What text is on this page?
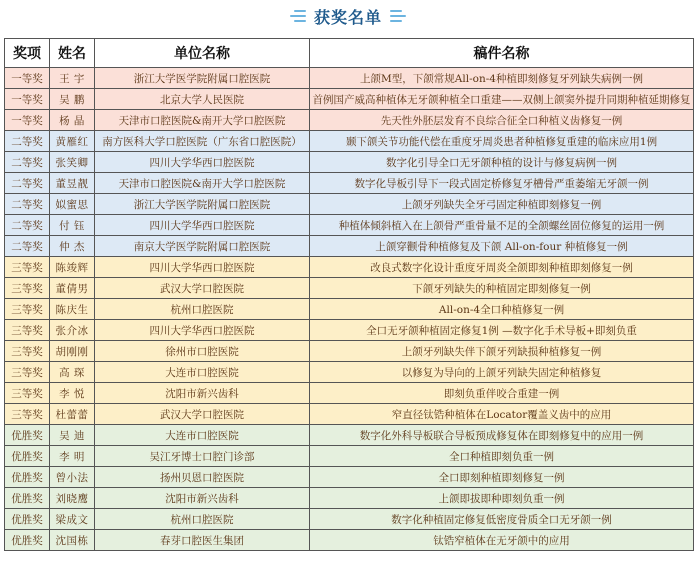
获奖名单
奖项	姓名	单位名称	稿件名称
一等奖	王 宇	浙江大学医学院附属口腔医院	上颌M型，下颌常规All-on-4种植即刻修复牙列缺失病例一例
一等奖	吴 鹏	北京大学人民医院	首例国产威高种植体无牙颌种植全口重建——双侧上颌窦外提升同期种植延期修复
一等奖	杨 晶	天津市口腔医院&南开大学口腔医院	先天性外胚层发育不良综合征全口种植义齿修复一例
二等奖	黄雁红	南方医科大学口腔医院（广东省口腔医院）	颞下颌关节功能代偿在重度牙周炎患者种植修复重建的临床应用1例
二等奖	张笑卿	四川大学华西口腔医院	数字化引导全口无牙颌种植的设计与修复病例一例
二等奖	董昱靓	天津市口腔医院&南开大学口腔医院	数字化导板引导下一段式固定桥修复牙槽骨严重萎缩无牙颌一例
二等奖	姒蜜思	浙江大学医学院附属口腔医院	上颌牙列缺失全牙弓固定种植即刻修复一例
二等奖	付 钰	四川大学华西口腔医院	种植体倾斜植入在上颌骨严重骨量不足的全颌螺丝固位修复的运用一例
二等奖	仲 杰	南京大学医学院附属口腔医院	上颌穿颧骨种植修复及下颌 All-on-four 种植修复一例
三等奖	陈竣辉	四川大学华西口腔医院	改良式数字化设计重度牙周炎全颌即刻种植即刻修复一例
三等奖	董倩男	武汉大学口腔医院	下颌牙列缺失的种植固定即刻修复一例
三等奖	陈庆生	杭州口腔医院	All-on-4全口种植修复一例
三等奖	张介冰	四川大学华西口腔医院	全口无牙颌种植固定修复1例 —数字化手术导板+即刻负重
三等奖	胡刚刚	徐州市口腔医院	上颌牙列缺失伴下颌牙列缺损种植修复一例
三等奖	高 琛	大连市口腔医院	以修复为导向的上颌牙列缺失固定种植修复
三等奖	李 悦	沈阳市新兴齿科	即刻负重伴咬合重建一例
三等奖	杜蕾蕾	武汉大学口腔医院	窄直径钛锆种植体在Locator覆盖义齿中的应用
优胜奖	吴 迪	大连市口腔医院	数字化外科导板联合导板预成修复体在即刻修复中的应用一例
优胜奖	李 明	吴江牙博士口腔门诊部	全口种植即刻负重一例
优胜奖	曾小法	扬州贝恩口腔医院	全口即刻种植即刻修复一例
优胜奖	刘晓鹰	沈阳市新兴齿科	上颌即拔即种即刻负重一例
优胜奖	梁成文	杭州口腔医院	数字化种植固定修复低密度骨质全口无牙颌一例
优胜奖	沈国栋	春芽口腔医生集团	钛锆窄植体在无牙颌中的应用
